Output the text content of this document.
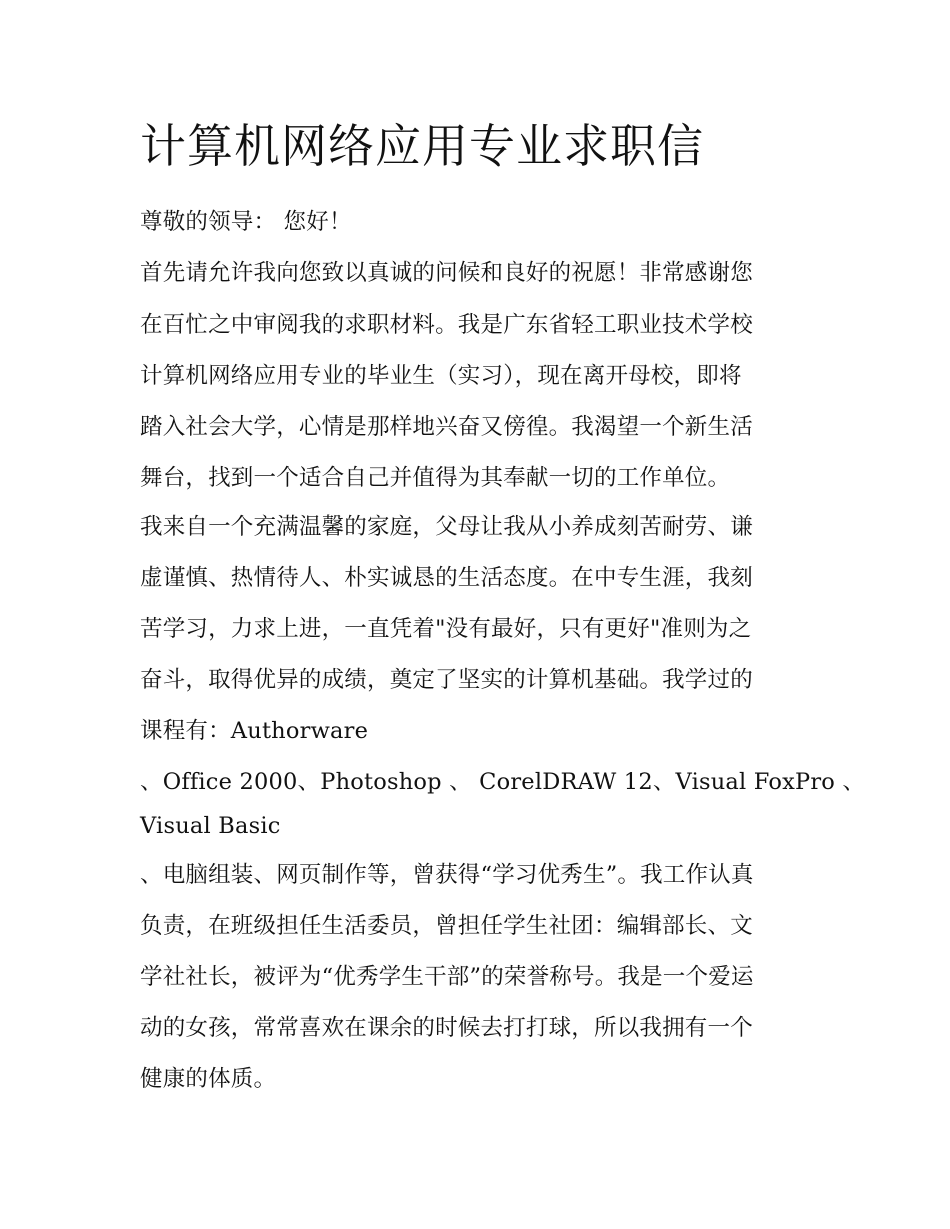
计算机网络应用专业求职信

尊敬的领导： 您好！

首先请允许我向您致以真诚的问候和良好的祝愿！非常感谢您

在百忙之中审阅我的求职材料。我是广东省轻工职业技术学校

计算机网络应用专业的毕业生（实习），现在离开母校，即将

踏入社会大学，心情是那样地兴奋又傍徨。我渴望一个新生活

舞台，找到一个适合自己并值得为其奉献一切的工作单位。

我来自一个充满温馨的家庭，父母让我从小养成刻苦耐劳、谦

虚谨慎、热情待人、朴实诚恳的生活态度。在中专生涯，我刻

苦学习，力求上进，一直凭着"没有最好，只有更好"准则为之

奋斗，取得优异的成绩，奠定了坚实的计算机基础。我学过的

课程有：Authorware

、Office 2000、Photoshop 、 CorelDRAW 12、Visual FoxPro 、

Visual Basic

、电脑组装、网页制作等，曾获得“学习优秀生”。我工作认真

负责，在班级担任生活委员，曾担任学生社团：编辑部长、文

学社社长，被评为“优秀学生干部”的荣誉称号。我是一个爱运

动的女孩，常常喜欢在课余的时候去打打球，所以我拥有一个

健康的体质。
